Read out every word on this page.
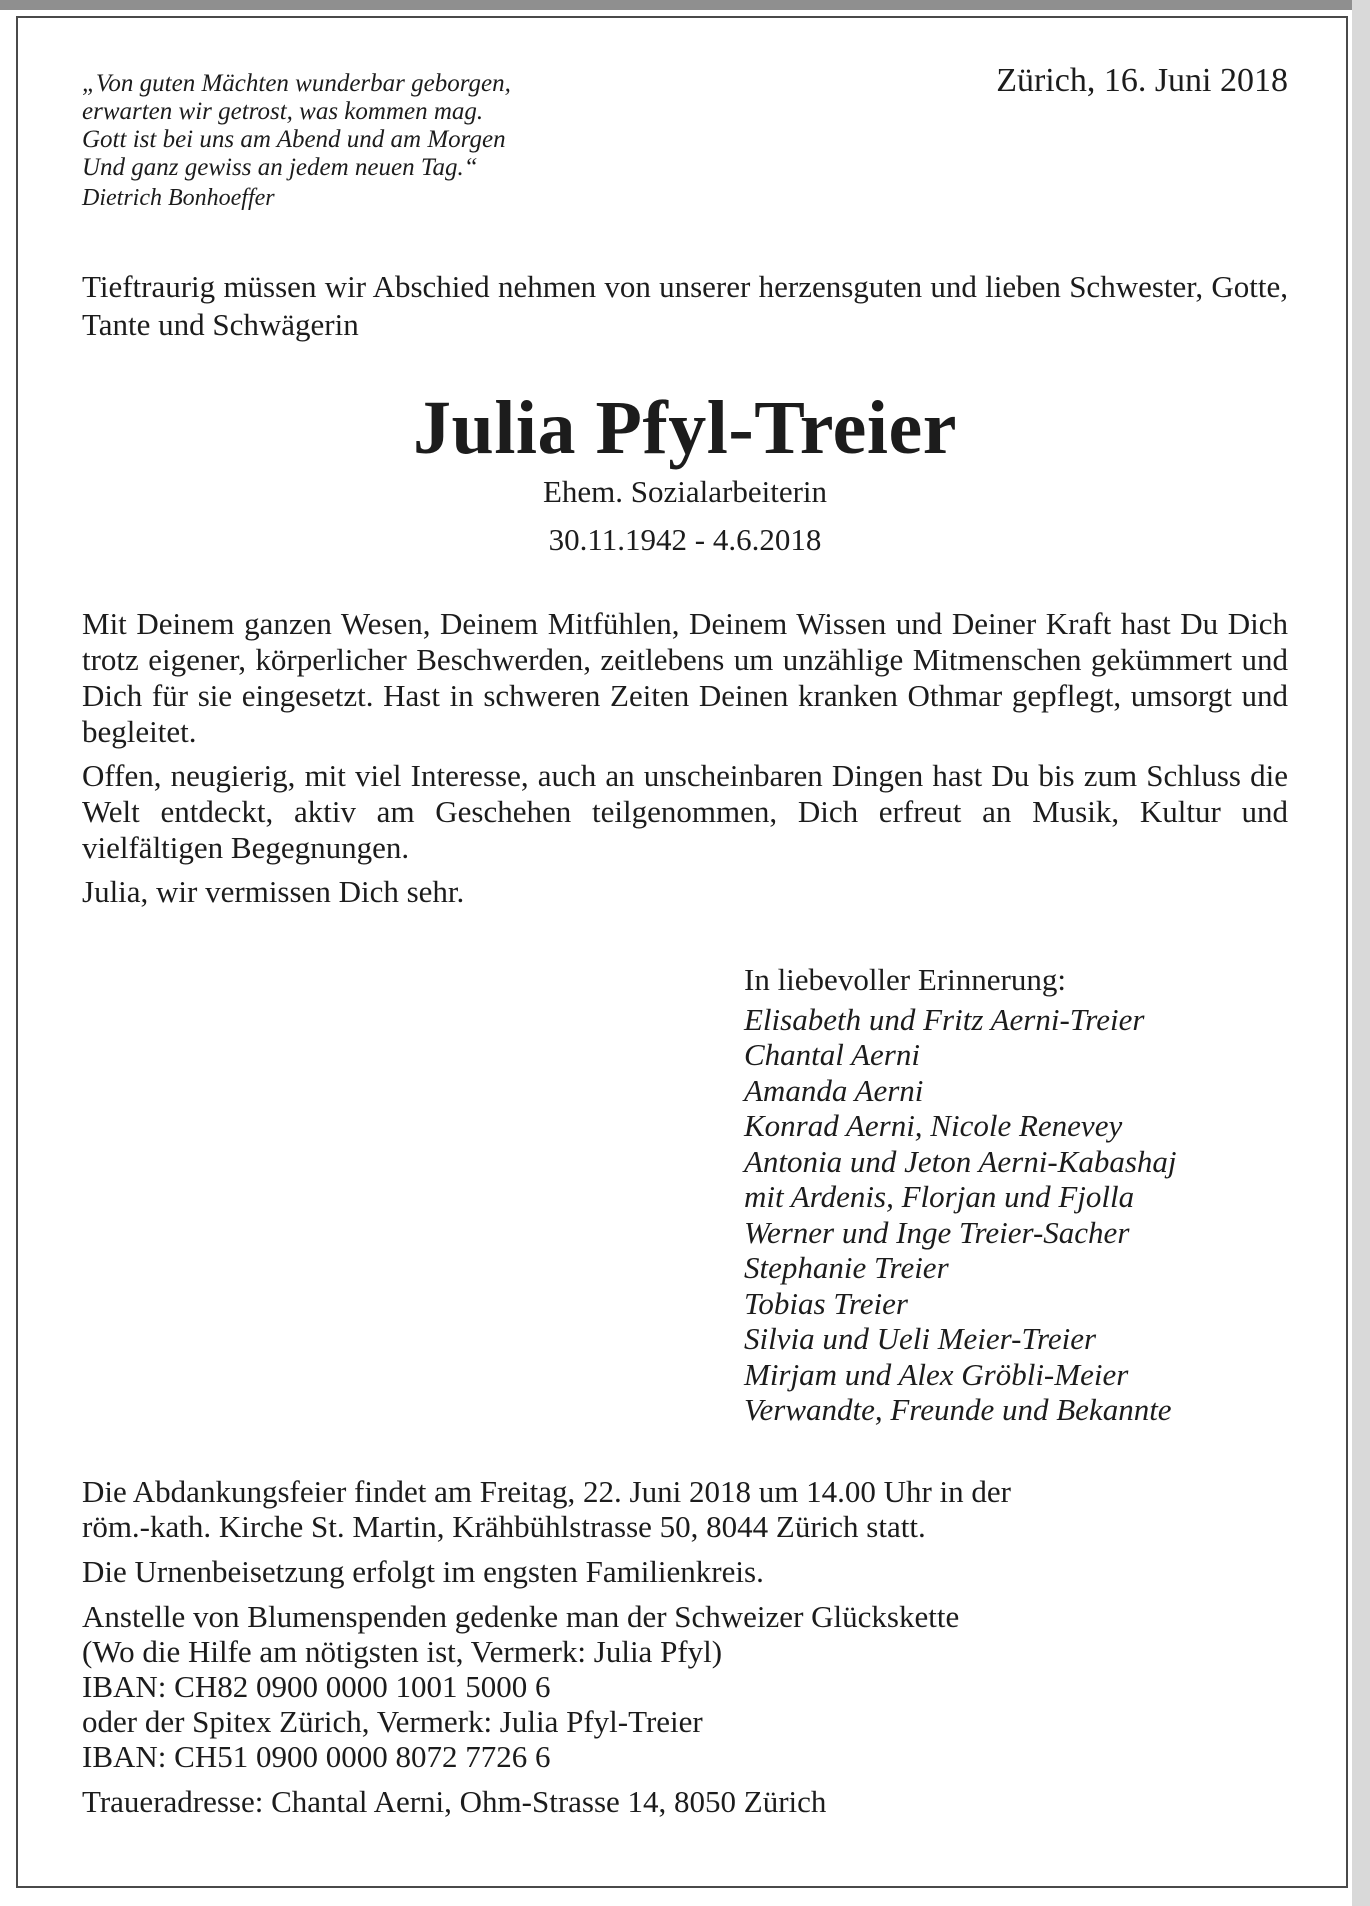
„Von guten Mächten wunderbar geborgen,
erwarten wir getrost, was kommen mag.
Gott ist bei uns am Abend und am Morgen
Und ganz gewiss an jedem neuen Tag.“
Dietrich Bonhoeffer
Zürich, 16. Juni 2018

Tieftraurig müssen wir Abschied nehmen von unserer herzensguten und lieben Schwester, Gotte, Tante und Schwägerin

Julia Pfyl-Treier
Ehem. Sozialarbeiterin
30.11.1942 - 4.6.2018

Mit Deinem ganzen Wesen, Deinem Mitfühlen, Deinem Wissen und Deiner Kraft hast Du Dich trotz eigener, körperlicher Beschwerden, zeitlebens um unzählige Mitmenschen gekümmert und Dich für sie eingesetzt. Hast in schweren Zeiten Deinen kranken Othmar gepflegt, umsorgt und begleitet.

Offen, neugierig, mit viel Interesse, auch an unscheinbaren Dingen hast Du bis zum Schluss die Welt entdeckt, aktiv am Geschehen teilgenommen, Dich erfreut an Musik, Kultur und vielfältigen Begegnungen.

Julia, wir vermissen Dich sehr.

In liebevoller Erinnerung:
Elisabeth und Fritz Aerni-Treier
Chantal Aerni
Amanda Aerni
Konrad Aerni, Nicole Renevey
Antonia und Jeton Aerni-Kabashaj
mit Ardenis, Florjan und Fjolla
Werner und Inge Treier-Sacher
Stephanie Treier
Tobias Treier
Silvia und Ueli Meier-Treier
Mirjam und Alex Gröbli-Meier
Verwandte, Freunde und Bekannte

Die Abdankungsfeier findet am Freitag, 22. Juni 2018 um 14.00 Uhr in der
röm.-kath. Kirche St. Martin, Krähbühlstrasse 50, 8044 Zürich statt.

Die Urnenbeisetzung erfolgt im engsten Familienkreis.

Anstelle von Blumenspenden gedenke man der Schweizer Glückskette
(Wo die Hilfe am nötigsten ist, Vermerk: Julia Pfyl)
IBAN: CH82 0900 0000 1001 5000 6
oder der Spitex Zürich, Vermerk: Julia Pfyl-Treier
IBAN: CH51 0900 0000 8072 7726 6

Traueradresse: Chantal Aerni, Ohm-Strasse 14, 8050 Zürich
